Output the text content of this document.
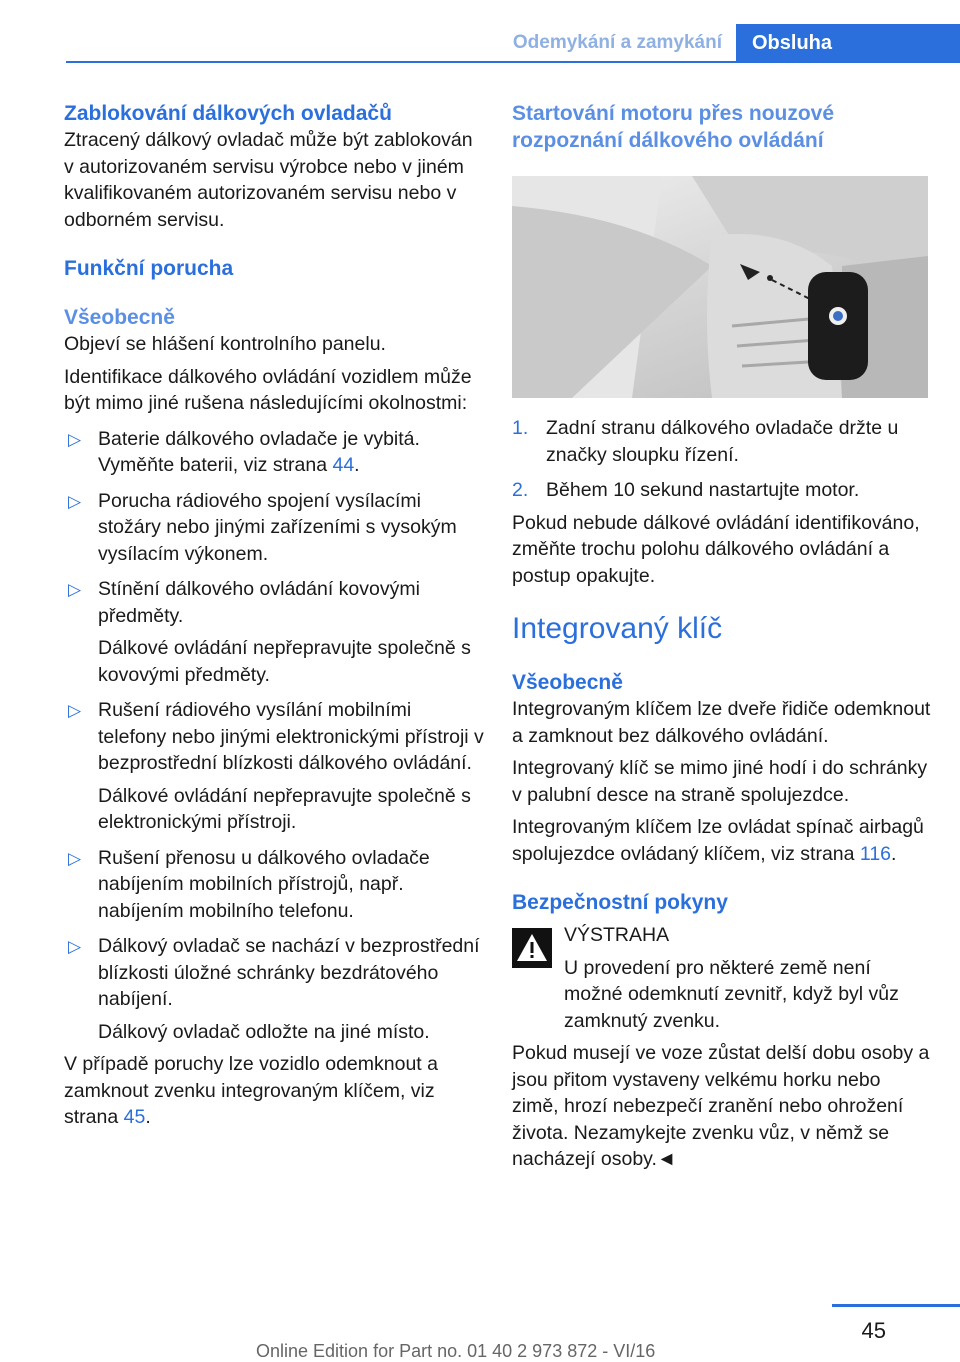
Odemykání a zamykání	Obsluha
Zablokování dálkových ovladačů

Ztracený dálkový ovladač může být zablokován v autorizovaném servisu výrobce nebo v jiném kvalifikovaném autorizovaném servisu nebo v odborném servisu.

Funkční porucha
Všeobecně

Objeví se hlášení kontrolního panelu.

Identifikace dálkového ovládání vozidlem může být mimo jiné rušena následujícími okolnostmi:

▷ Baterie dálkového ovladače je vybitá. Vyměňte baterii, viz strana 44.
▷ Porucha rádiového spojení vysílacími stožáry nebo jinými zařízeními s vysokým vysílacím výkonem.
▷ Stínění dálkového ovládání kovovými předměty.
Dálkové ovládání nepřepravujte společně s kovovými předměty.
▷ Rušení rádiového vysílání mobilními telefony nebo jinými elektronickými přístroji v bezprostřední blízkosti dálkového ovládání.
Dálkové ovládání nepřepravujte společně s elektronickými přístroji.
▷ Rušení přenosu u dálkového ovladače nabíjením mobilních přístrojů, např. nabíjením mobilního telefonu.
▷ Dálkový ovladač se nachází v bezprostřední blízkosti úložné schránky bezdrátového nabíjení.
Dálkový ovladač odložte na jiné místo.

V případě poruchy lze vozidlo odemknout a zamknout zvenku integrovaným klíčem, viz strana 45.

Startování motoru přes nouzové rozpoznání dálkového ovládání
1. Zadní stranu dálkového ovladače držte u značky sloupku řízení.
2. Během 10 sekund nastartujte motor.

Pokud nebude dálkové ovládání identifikováno, změňte trochu polohu dálkového ovládání a postup opakujte.

Integrovaný klíč
Všeobecně

Integrovaným klíčem lze dveře řidiče odemknout a zamknout bez dálkového ovládání.

Integrovaný klíč se mimo jiné hodí i do schránky v palubní desce na straně spolujezdce.

Integrovaným klíčem lze ovládat spínač airbagů spolujezdce ovládaný klíčem, viz strana 116.

Bezpečnostní pokyny
VÝSTRAHA
U provedení pro některé země není možné odemknutí zevnitř, když byl vůz zamknutý zvenku.

Pokud musejí ve voze zůstat delší dobu osoby a jsou přitom vystaveny velkému horku nebo zimě, hrozí nebezpečí zranění nebo ohrožení života. Nezamykejte zvenku vůz, v němž se nacházejí osoby.◄

45
Online Edition for Part no. 01 40 2 973 872 - VI/16
